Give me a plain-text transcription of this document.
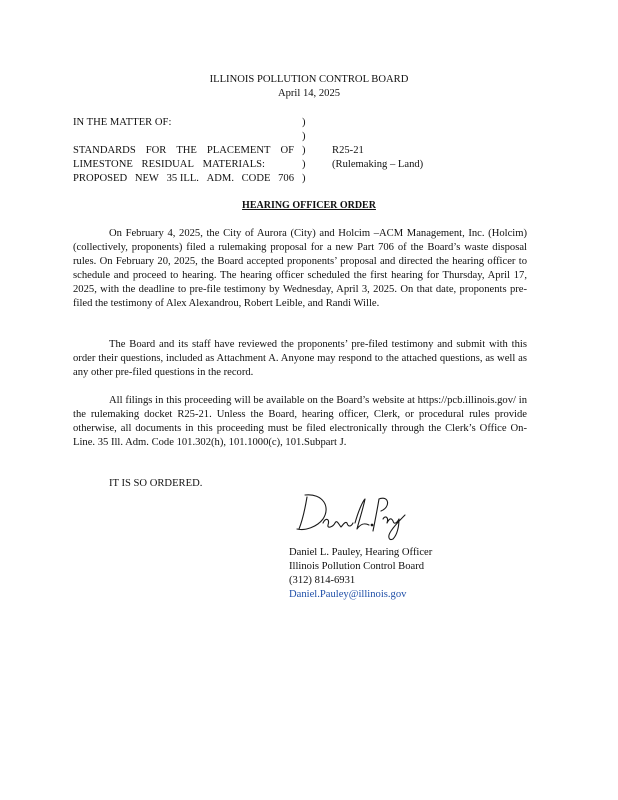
ILLINOIS POLLUTION CONTROL BOARD
April 14, 2025
IN THE MATTER OF:
STANDARDS FOR THE PLACEMENT OF
LIMESTONE RESIDUAL MATERIALS:
PROPOSED NEW 35 ILL. ADM. CODE 706
)
)
)
)
)
R25-21
(Rulemaking – Land)
HEARING OFFICER ORDER

On February 4, 2025, the City of Aurora (City) and Holcim –ACM Management, Inc. (Holcim) (collectively, proponents) filed a rulemaking proposal for a new Part 706 of the Board’s waste disposal rules. On February 20, 2025, the Board accepted proponents’ proposal and directed the hearing officer to schedule and proceed to hearing. The hearing officer scheduled the first hearing for Thursday, April 17, 2025, with the deadline to pre-file testimony by Wednesday, April 3, 2025. On that date, proponents pre-filed the testimony of Alex Alexandrou, Robert Leible, and Randi Wille.

The Board and its staff have reviewed the proponents’ pre-filed testimony and submit with this order their questions, included as Attachment A. Anyone may respond to the attached questions, as well as any other pre-filed questions in the record.

All filings in this proceeding will be available on the Board’s website at https://pcb.illinois.gov/ in the rulemaking docket R25-21. Unless the Board, hearing officer, Clerk, or procedural rules provide otherwise, all documents in this proceeding must be filed electronically through the Clerk’s Office On-Line. 35 Ill. Adm. Code 101.302(h), 101.1000(c), 101.Subpart J.

IT IS SO ORDERED.
Daniel L. Pauley, Hearing Officer
Illinois Pollution Control Board
(312) 814-6931
Daniel.Pauley@illinois.gov
